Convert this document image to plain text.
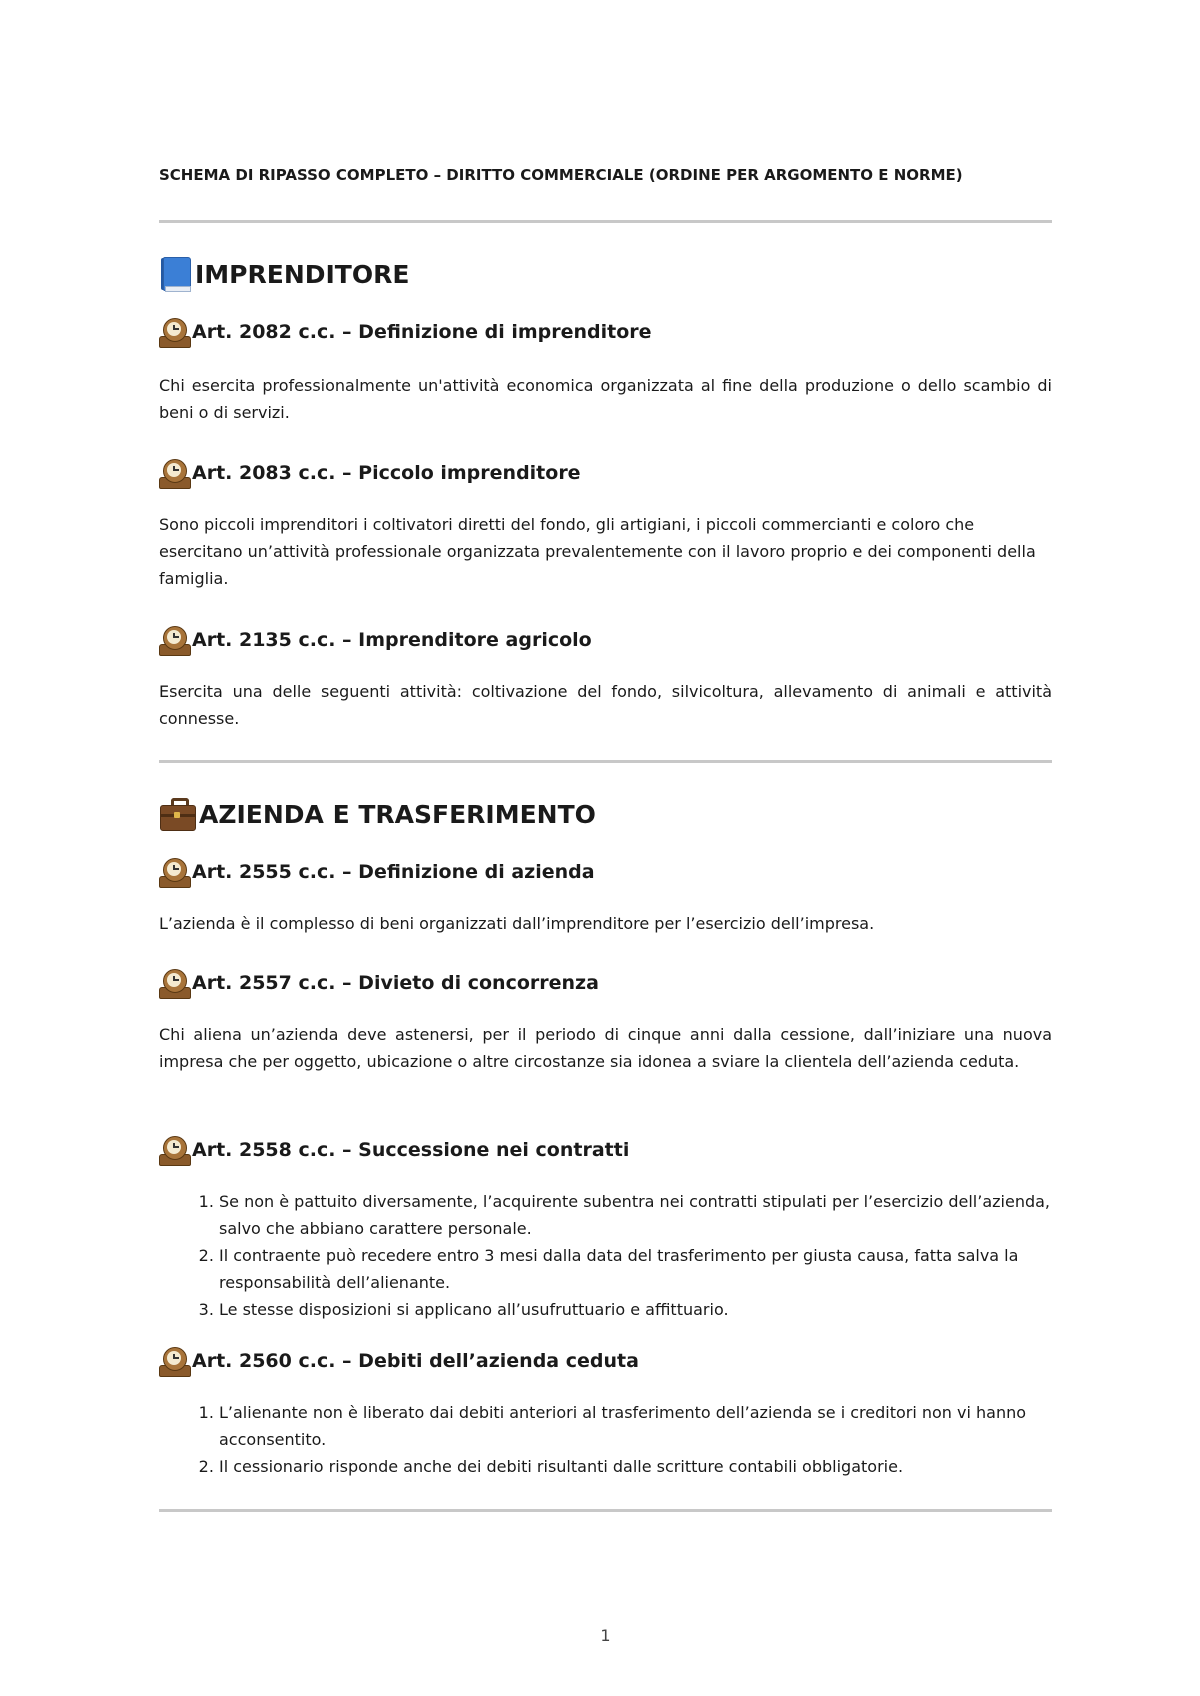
SCHEMA DI RIPASSO COMPLETO – DIRITTO COMMERCIALE (ORDINE PER ARGOMENTO E NORME)
IMPRENDITORE
Art. 2082 c.c. – Definizione di imprenditore
Chi esercita professionalmente un'attività economica organizzata al fine della produzione o dello scambio di beni o di servizi.
Art. 2083 c.c. – Piccolo imprenditore
Sono piccoli imprenditori i coltivatori diretti del fondo, gli artigiani, i piccoli commercianti e coloro che esercitano un’attività professionale organizzata prevalentemente con il lavoro proprio e dei componenti della famiglia.
Art. 2135 c.c. – Imprenditore agricolo
Esercita una delle seguenti attività: coltivazione del fondo, silvicoltura, allevamento di animali e attività connesse.
AZIENDA E TRASFERIMENTO
Art. 2555 c.c. – Definizione di azienda
L’azienda è il complesso di beni organizzati dall’imprenditore per l’esercizio dell’impresa.
Art. 2557 c.c. – Divieto di concorrenza
Chi aliena un’azienda deve astenersi, per il periodo di cinque anni dalla cessione, dall’iniziare una nuova impresa che per oggetto, ubicazione o altre circostanze sia idonea a sviare la clientela dell’azienda ceduta.
Art. 2558 c.c. – Successione nei contratti
1. Se non è pattuito diversamente, l’acquirente subentra nei contratti stipulati per l’esercizio dell’azienda, salvo che abbiano carattere personale.
2. Il contraente può recedere entro 3 mesi dalla data del trasferimento per giusta causa, fatta salva la responsabilità dell’alienante.
3. Le stesse disposizioni si applicano all’usufruttuario e affittuario.
Art. 2560 c.c. – Debiti dell’azienda ceduta
1. L’alienante non è liberato dai debiti anteriori al trasferimento dell’azienda se i creditori non vi hanno acconsentito.
2. Il cessionario risponde anche dei debiti risultanti dalle scritture contabili obbligatorie.
1
